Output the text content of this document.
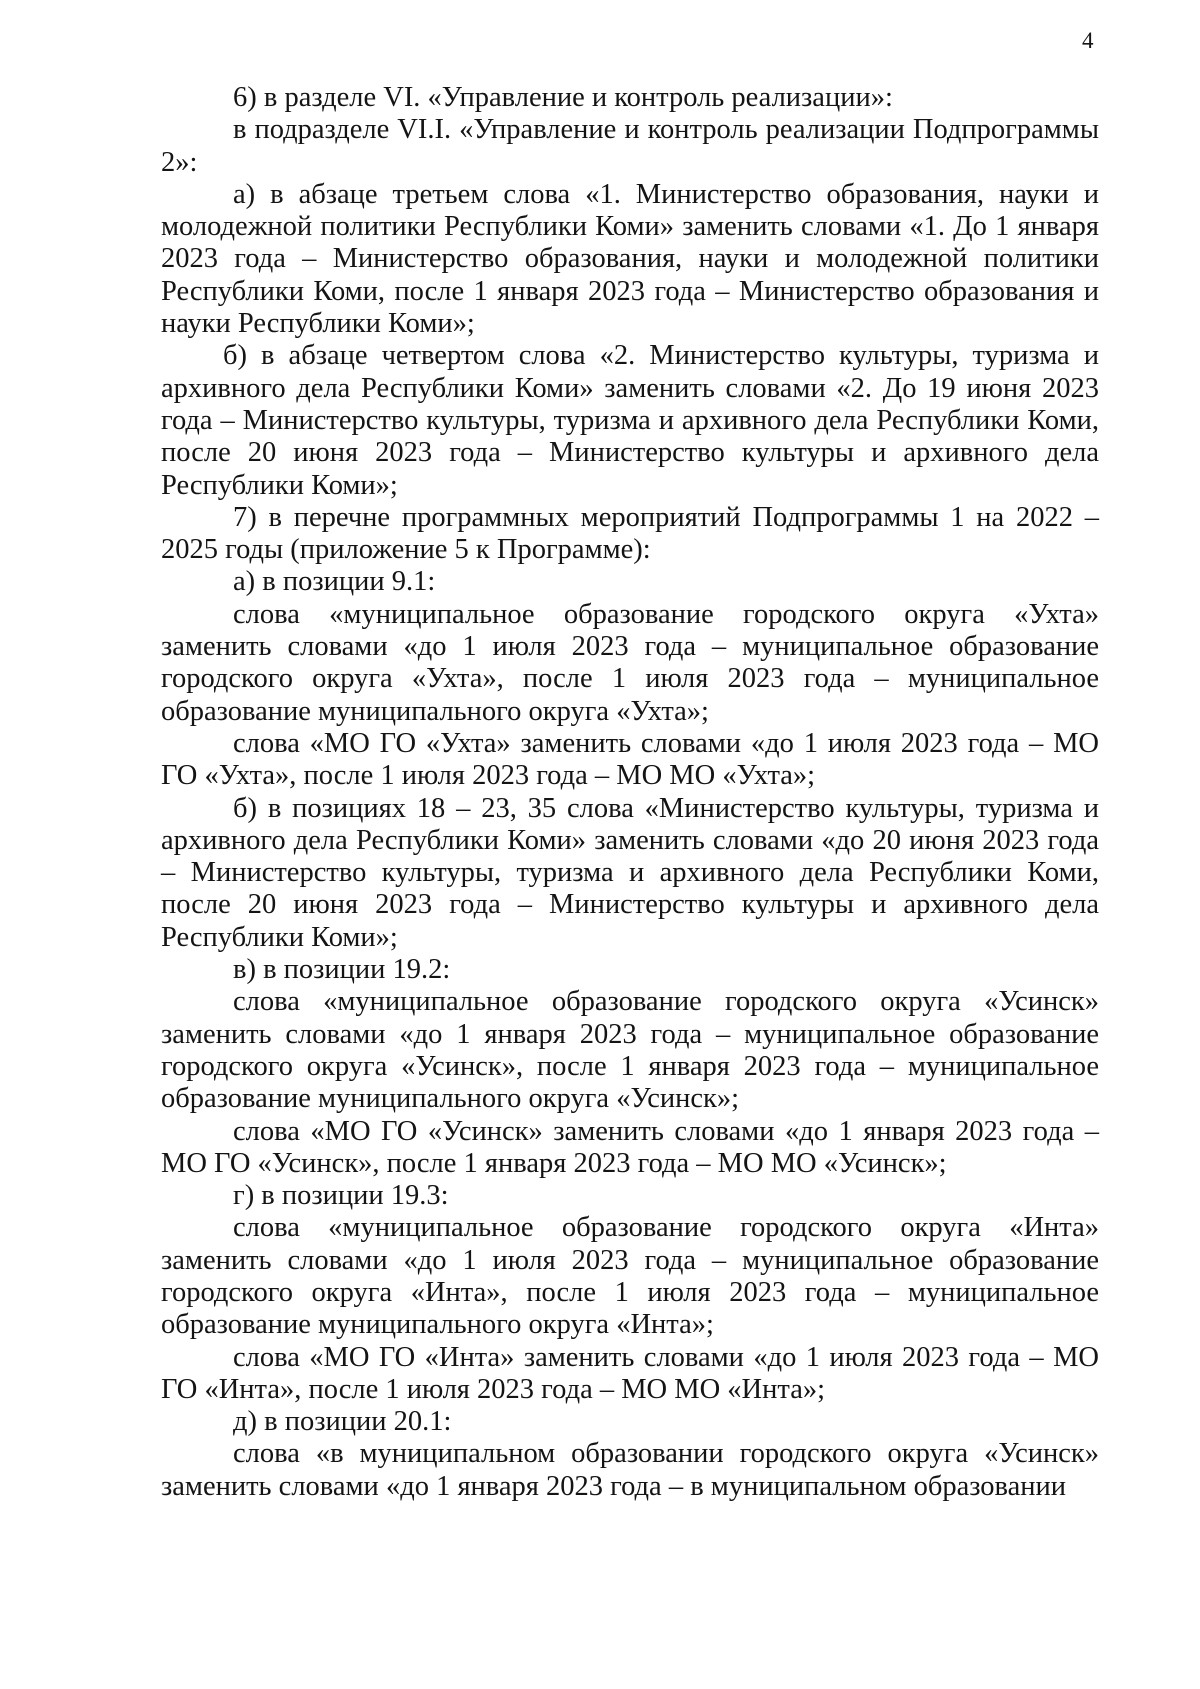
4

6) в разделе VI. «Управление и контроль реализации»:

в подразделе VI.I. «Управление и контроль реализации Подпрограммы 2»:

а) в абзаце третьем слова «1. Министерство образования, науки и молодежной политики Республики Коми» заменить словами «1. До 1 января 2023 года – Министерство образования, науки и молодежной политики Республики Коми, после 1 января 2023 года – Министерство образования и науки Республики Коми»;

б) в абзаце четвертом слова «2. Министерство культуры, туризма и архивного дела Республики Коми» заменить словами «2. До 19 июня 2023 года – Министерство культуры, туризма и архивного дела Республики Коми, после 20 июня 2023 года – Министерство культуры и архивного дела Республики Коми»;

7) в перечне программных мероприятий Подпрограммы 1 на 2022 – 2025 годы (приложение 5 к Программе):

а) в позиции 9.1:

слова «муниципальное образование городского округа «Ухта» заменить словами «до 1 июля 2023 года – муниципальное образование городского округа «Ухта», после 1 июля 2023 года – муниципальное образование муниципального округа «Ухта»;

слова «МО ГО «Ухта» заменить словами «до 1 июля 2023 года – МО ГО «Ухта», после 1 июля 2023 года – МО МО «Ухта»;

б) в позициях 18 – 23, 35 слова «Министерство культуры, туризма и архивного дела Республики Коми» заменить словами «до 20 июня 2023 года – Министерство культуры, туризма и архивного дела Республики Коми, после 20 июня 2023 года – Министерство культуры и архивного дела Республики Коми»;

в) в позиции 19.2:

слова «муниципальное образование городского округа «Усинск» заменить словами «до 1 января 2023 года – муниципальное образование городского округа «Усинск», после 1 января 2023 года – муниципальное образование муниципального округа «Усинск»;

слова «МО ГО «Усинск» заменить словами «до 1 января 2023 года – МО ГО «Усинск», после 1 января 2023 года – МО МО «Усинск»;

г) в позиции 19.3:

слова «муниципальное образование городского округа «Инта» заменить словами «до 1 июля 2023 года – муниципальное образование городского округа «Инта», после 1 июля 2023 года – муниципальное образование муниципального округа «Инта»;

слова «МО ГО «Инта» заменить словами «до 1 июля 2023 года – МО ГО «Инта», после 1 июля 2023 года – МО МО «Инта»;

д) в позиции 20.1:

слова «в муниципальном образовании городского округа «Усинск» заменить словами «до 1 января 2023 года – в муниципальном образовании
